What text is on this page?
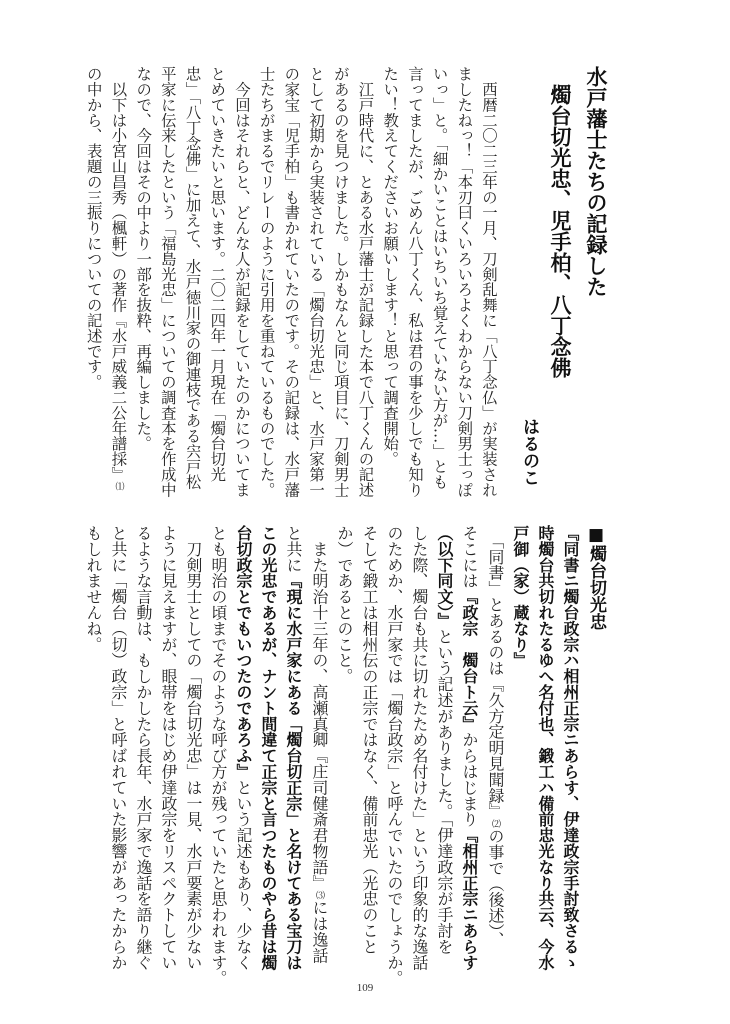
水戸藩士たちの記録した
燭台切光忠、児手柏、八丁念佛
はるのこ
　西暦二〇二三年の一月、刀剣乱舞に「八丁念仏」が実装され
ましたねっ！「本刃曰くいろいろよくわからない刀剣男士っぽ
いっ」と。「細かいことはいちいち覚えていない方が…」とも
言ってましたが、ごめん八丁くん、私は君の事を少しでも知り
たい！教えてくださいお願いします！と思って調査開始。
　江戸時代に、とある水戸藩士が記録した本で八丁くんの記述
があるのを見つけました。しかもなんと同じ項目に、刀剣男士
として初期から実装されている「燭台切光忠」と、水戸家第一
の家宝「児手柏」も書かれていたのです。その記録は、水戸藩
士たちがまるでリレーのように引用を重ねているものでした。
　今回はそれらと、どんな人が記録をしていたのかについてま
とめていきたいと思います。二〇二四年一月現在「燭台切光
忠」「八丁念佛」に加えて、水戸徳川家の御連枝である宍戸松
平家に伝来したという「福島光忠」についての調査本を作成中
なので、今回はその中より一部を抜粋、再編しました。
　以下は小宮山昌秀（楓軒）の著作『水戸威義二公年譜採』⑴
の中から、表題の三振りについての記述です。
■燭台切光忠
『同書ニ燭台政宗ハ相州正宗ニあらす、伊達政宗手討致さるゝ
時燭台共切れたるゆへ名付也、鍛工ハ備前忠光なり共云、今水
戸御（家）蔵なり』
　「同書」とあるのは『久方定明見聞録』⑵の事で（後述）、
そこには『政宗　燭台ト云』からはじまり『相州正宗ニあらす
（以下同文）』という記述がありました。「伊達政宗が手討を
した際、燭台も共に切れたため名付けた」という印象的な逸話
のためか、水戸家では「燭台政宗」と呼んでいたのでしょうか。
そして鍛工は相州伝の正宗ではなく、備前忠光（光忠のこと
か）であるとのこと。
　また明治十三年の、高瀬真卿『庄司健斎君物語』⑶には逸話
と共に『現に水戸家にある「燭台切正宗」と名けてある宝刀は
この光忠であるが、ナント間違て正宗と言つたものやら昔は燭
台切政宗とでもいつたのであろふ』という記述もあり、少なく
とも明治の頃までそのような呼び方が残っていたと思われます。
　刀剣男士としての「燭台切光忠」は一見、水戸要素が少ない
ように見えますが、眼帯をはじめ伊達政宗をリスペクトしてい
るような言動は、もしかしたら長年、水戸家で逸話を語り継ぐ
と共に「燭台（切）政宗」と呼ばれていた影響があったからか
もしれませんね。
109
